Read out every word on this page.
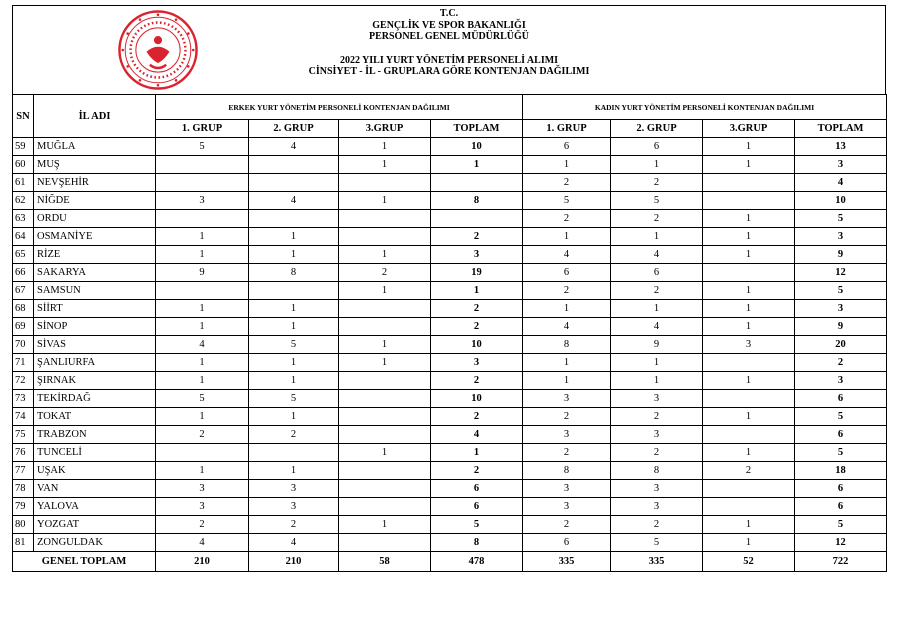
T.C.
GENÇLİK VE SPOR BAKANLIĞI
PERSONEL GENEL MÜDÜRLÜĞÜ
2022 YILI YURT YÖNETİM PERSONELİ ALIMI
CİNSİYET - İL - GRUPLARA GÖRE KONTENJAN DAĞILIMI
SN	İL ADI	ERKEK YURT YÖNETİM PERSONELİ KONTENJAN DAĞILIMI				KADIN YURT YÖNETİM PERSONELİ KONTENJAN DAĞILIMI			
		1. GRUP	2. GRUP	3.GRUP	TOPLAM	1. GRUP	2. GRUP	3.GRUP	TOPLAM
59	MUĞLA	5	4	1	10	6	6	1	13
60	MUŞ			1	1	1	1	1	3
61	NEVŞEHİR					2	2		4
62	NİĞDE	3	4	1	8	5	5		10
63	ORDU					2	2	1	5
64	OSMANİYE	1	1		2	1	1	1	3
65	RİZE	1	1	1	3	4	4	1	9
66	SAKARYA	9	8	2	19	6	6		12
67	SAMSUN			1	1	2	2	1	5
68	SİİRT	1	1		2	1	1	1	3
69	SİNOP	1	1		2	4	4	1	9
70	SİVAS	4	5	1	10	8	9	3	20
71	ŞANLIURFA	1	1	1	3	1	1		2
72	ŞIRNAK	1	1		2	1	1	1	3
73	TEKİRDAĞ	5	5		10	3	3		6
74	TOKAT	1	1		2	2	2	1	5
75	TRABZON	2	2		4	3	3		6
76	TUNCELİ			1	1	2	2	1	5
77	UŞAK	1	1		2	8	8	2	18
78	VAN	3	3		6	3	3		6
79	YALOVA	3	3		6	3	3		6
80	YOZGAT	2	2	1	5	2	2	1	5
81	ZONGULDAK	4	4		8	6	5	1	12
GENEL TOPLAM		210	210	58	478	335	335	52	722
